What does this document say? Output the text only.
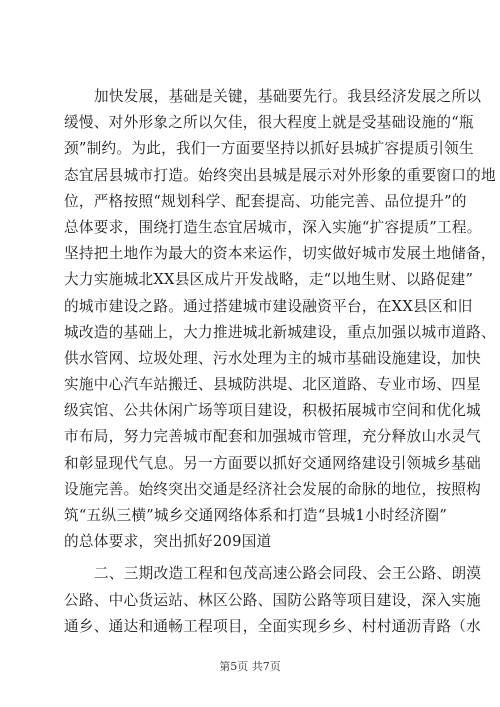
加快发展，基础是关键，基础要先行。我县经济发展之所以
缓慢、对外形象之所以欠佳，很大程度上就是受基础设施的“瓶
颈”制约。为此，我们一方面要坚持以抓好县城扩容提质引领生
态宜居县城市打造。始终突出县城是展示对外形象的重要窗口的地
位，严格按照“规划科学、配套提高、功能完善、品位提升”的
总体要求，围绕打造生态宜居城市，深入实施“扩容提质”工程。
坚持把土地作为最大的资本来运作，切实做好城市发展土地储备，
大力实施城北XX县区成片开发战略，走“以地生财、以路促建”
的城市建设之路。通过搭建城市建设融资平台，在XX县区和旧
城改造的基础上，大力推进城北新城建设，重点加强以城市道路、
供水管网、垃圾处理、污水处理为主的城市基础设施建设，加快
实施中心汽车站搬迁、县城防洪堤、北区道路、专业市场、四星
级宾馆、公共休闲广场等项目建设，积极拓展城市空间和优化城
市布局，努力完善城市配套和加强城市管理，充分释放山水灵气
和彰显现代气息。另一方面要以抓好交通网络建设引领城乡基础
设施完善。始终突出交通是经济社会发展的命脉的地位，按照构
筑“五纵三横”城乡交通网络体系和打造“县城1小时经济圈”
的总体要求，突出抓好209国道
二、三期改造工程和包茂高速公路会同段、会王公路、朗漠
公路、中心货运站、林区公路、国防公路等项目建设，深入实施
通乡、通达和通畅工程项目，全面实现乡乡、村村通沥青路（水
第5页 共7页
